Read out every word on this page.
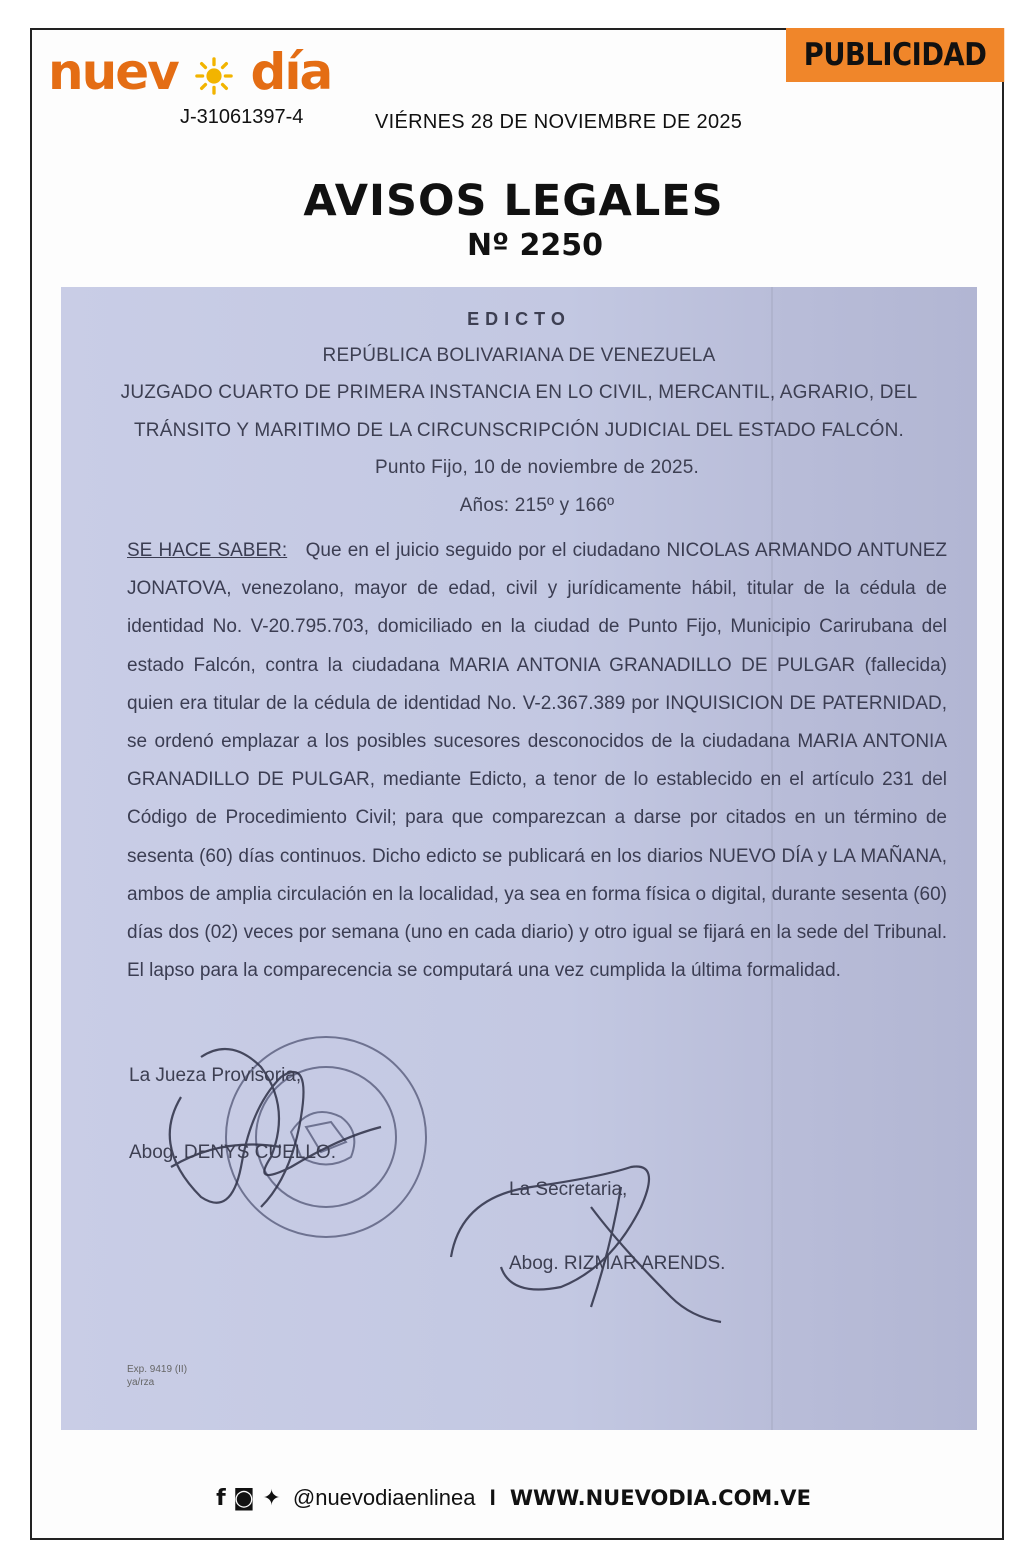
nuev día
J-31061397-4
PUBLICIDAD
VIÉRNES 28 DE NOVIEMBRE DE 2025
AVISOS LEGALES
Nº 2250
EDICTO
REPÚBLICA BOLIVARIANA DE VENEZUELA
JUZGADO CUARTO DE PRIMERA INSTANCIA EN LO CIVIL, MERCANTIL, AGRARIO, DEL
TRÁNSITO Y MARITIMO DE LA CIRCUNSCRIPCIÓN JUDICIAL DEL ESTADO FALCÓN.
Punto Fijo, 10 de noviembre de 2025.
Años: 215º y 166º
SE HACE SABER: Que en el juicio seguido por el ciudadano NICOLAS ARMANDO ANTUNEZ JONATOVA, venezolano, mayor de edad, civil y jurídicamente hábil, titular de la cédula de identidad No. V-20.795.703, domiciliado en la ciudad de Punto Fijo, Municipio Carirubana del estado Falcón, contra la ciudadana MARIA ANTONIA GRANADILLO DE PULGAR (fallecida) quien era titular de la cédula de identidad No. V-2.367.389 por INQUISICION DE PATERNIDAD, se ordenó emplazar a los posibles sucesores desconocidos de la ciudadana MARIA ANTONIA GRANADILLO DE PULGAR, mediante Edicto, a tenor de lo establecido en el artículo 231 del Código de Procedimiento Civil; para que comparezcan a darse por citados en un término de sesenta (60) días continuos. Dicho edicto se publicará en los diarios NUEVO DÍA y LA MAÑANA, ambos de amplia circulación en la localidad, ya sea en forma física o digital, durante sesenta (60) días dos (02) veces por semana (uno en cada diario) y otro igual se fijará en la sede del Tribunal. El lapso para la comparecencia se computará una vez cumplida la última formalidad.
La Jueza Provisoria,
Abog. DENYS CUELLO.
La Secretaria,
Abog. RIZMAR ARENDS.
Exp. 9419 (II)
ya/rza
f ◙ ✦ @nuevodiaenlinea I WWW.NUEVODIA.COM.VE
